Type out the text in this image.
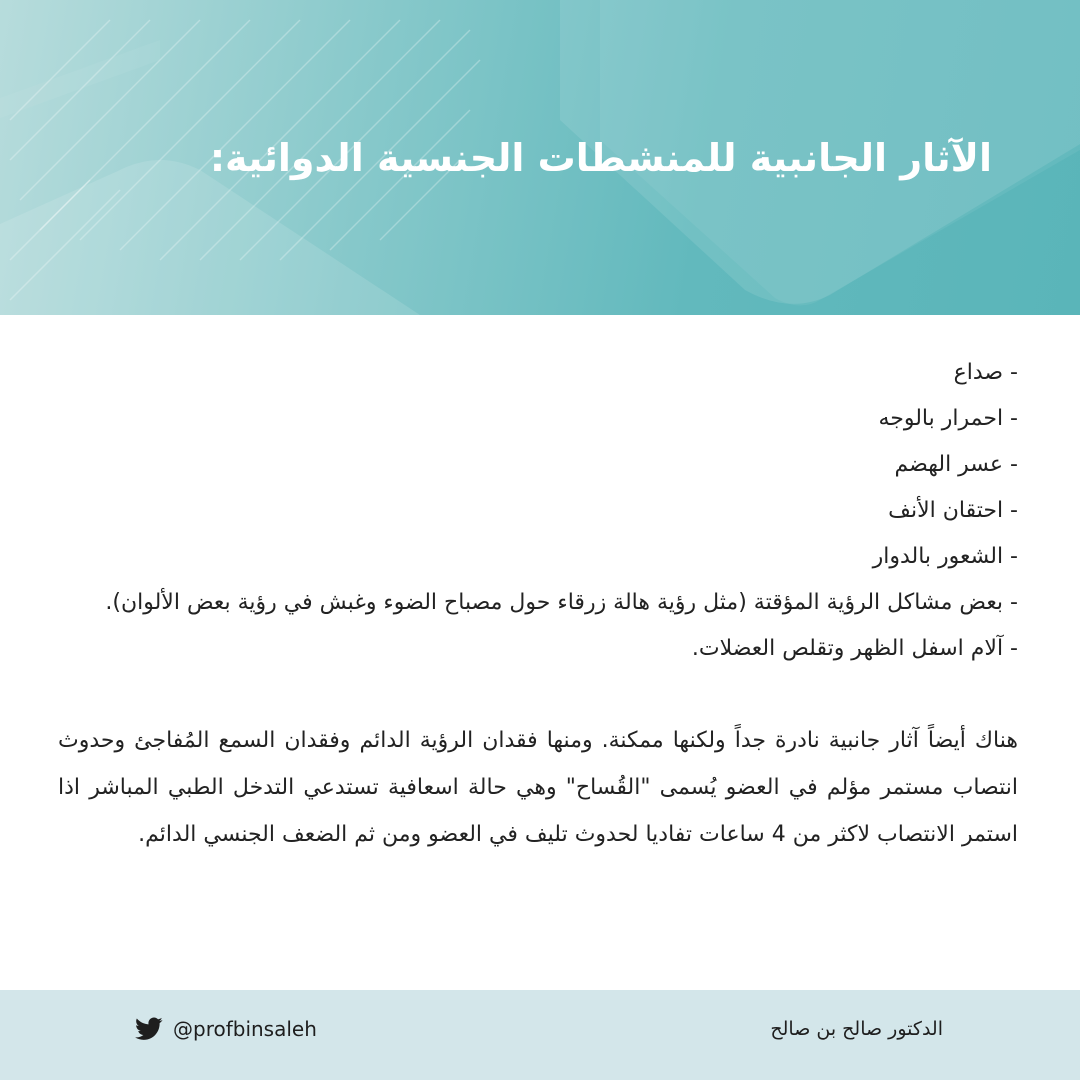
الآثار الجانبية للمنشطات الجنسية الدوائية:
- صداع
- احمرار بالوجه
- عسر الهضم
- احتقان الأنف
- الشعور بالدوار
- بعض مشاكل الرؤية المؤقتة (مثل رؤية هالة زرقاء حول مصباح الضوء وغبش في رؤية بعض الألوان).
- آلام اسفل الظهر وتقلص العضلات.

هناك أيضاً آثار جانبية نادرة جداً ولكنها ممكنة. ومنها فقدان الرؤية الدائم وفقدان السمع المُفاجئ وحدوث انتصاب مستمر مؤلم في العضو يُسمى "القُساح" وهي حالة اسعافية تستدعي التدخل الطبي المباشر اذا استمر الانتصاب لاكثر من 4 ساعات تفاديا لحدوث تليف في العضو ومن ثم الضعف الجنسي الدائم.

الدكتور صالح بن صالح
@profbinsaleh
